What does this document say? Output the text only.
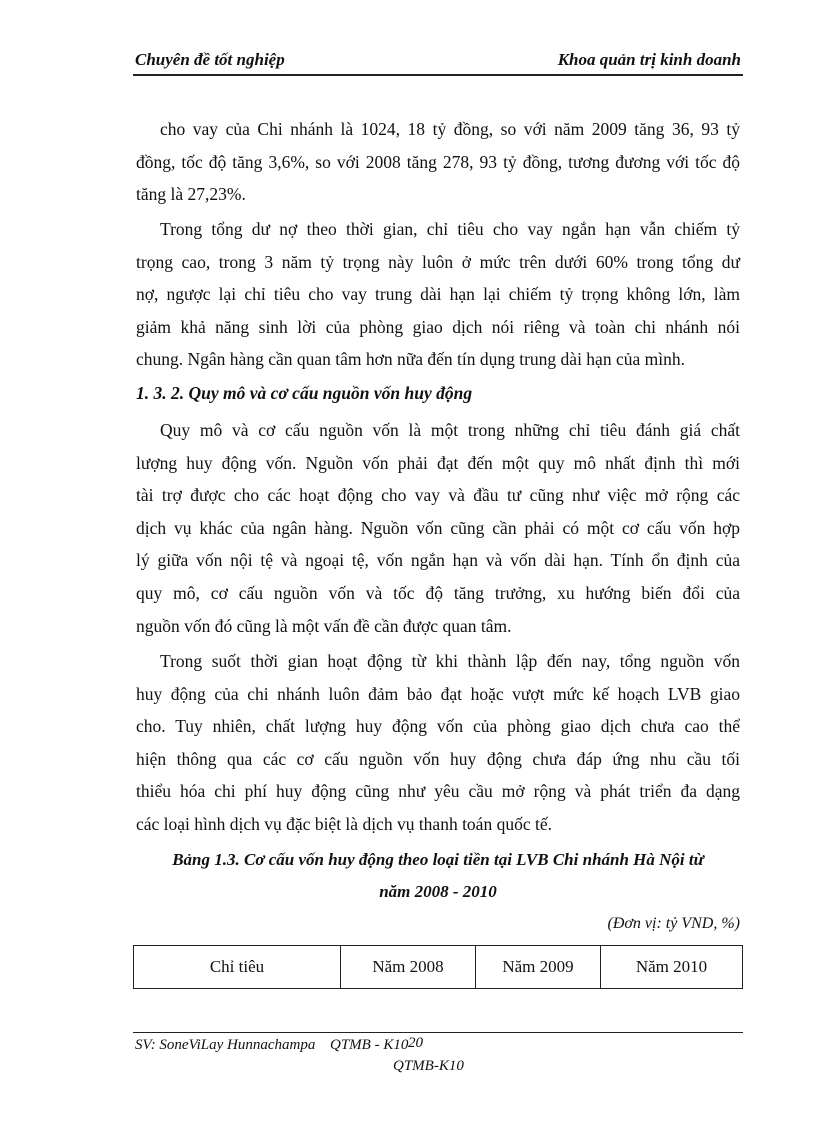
Chuyên đề tốt nghiệp	Khoa quản trị kinh doanh

cho vay của Chi nhánh là 1024, 18 tỷ đồng, so với năm 2009 tăng 36, 93 tỷ
đồng, tốc độ tăng 3,6%, so với 2008 tăng 278, 93 tỷ đồng, tương đương với tốc độ
tăng là 27,23%.

Trong tổng dư nợ theo thời gian, chỉ tiêu cho vay ngắn hạn vẫn chiếm tỷ
trọng cao, trong 3 năm tỷ trọng này luôn ở mức trên dưới 60% trong tổng dư
nợ, ngược lại chỉ tiêu cho vay trung dài hạn lại chiếm tỷ trọng không lớn, làm
giảm khả năng sinh lời của phòng giao dịch nói riêng và toàn chi nhánh nói
chung. Ngân hàng cần quan tâm hơn nữa đến tín dụng trung dài hạn của mình.

1. 3. 2. Quy mô và cơ cấu nguồn vốn huy động

Quy mô và cơ cấu nguồn vốn là một trong những chỉ tiêu đánh giá chất
lượng huy động vốn. Nguồn vốn phải đạt đến một quy mô nhất định thì mới
tài trợ được cho các hoạt động cho vay và đầu tư cũng như việc mở rộng các
dịch vụ khác của ngân hàng. Nguồn vốn cũng cần phải có một cơ cấu vốn hợp
lý giữa vốn nội tệ và ngoại tệ, vốn ngắn hạn và vốn dài hạn. Tính ổn định của
quy mô, cơ cấu nguồn vốn và tốc độ tăng trưởng, xu hướng biến đổi của
nguồn vốn đó cũng là một vấn đề cần được quan tâm.

Trong suốt thời gian hoạt động từ khi thành lập đến nay, tổng nguồn vốn
huy động của chi nhánh luôn đảm bảo đạt hoặc vượt mức kế hoạch LVB giao
cho. Tuy nhiên, chất lượng huy động vốn của phòng giao dịch chưa cao thể
hiện thông qua các cơ cấu nguồn vốn huy động chưa đáp ứng nhu cầu tối
thiểu hóa chi phí huy động cũng như yêu cầu mở rộng và phát triển đa dạng
các loại hình dịch vụ đặc biệt là dịch vụ thanh toán quốc tế.

Bảng 1.3. Cơ cấu vốn huy động theo loại tiền tại LVB Chi nhánh Hà Nội từ
năm 2008 - 2010
(Đơn vị: tỷ VND, %)
Chỉ tiêu	Năm 2008	Năm 2009	Năm 2010
SV: SoneViLay Hunnachampa QTMB - K10 20
QTMB-K10
